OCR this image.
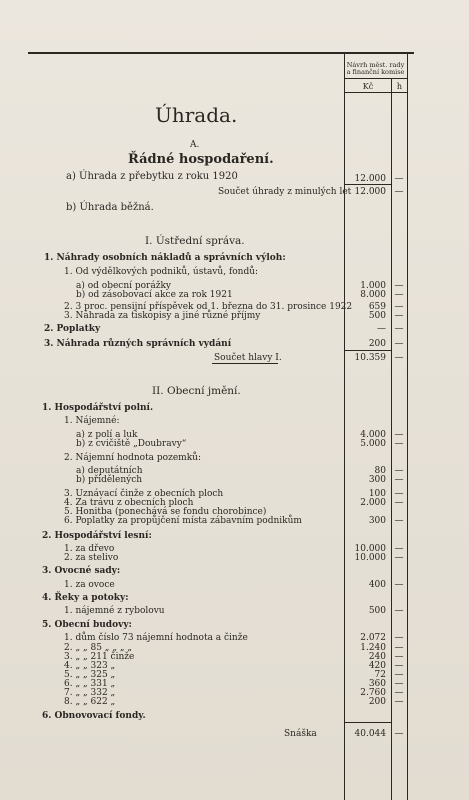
Návrh měst. rady
a finanční komise
Kč	h
Úhrada.
A.
Řádné hospodaření.
a) Úhrada z přebytku z roku 1920	12.000 —
Součet úhrady z minulých let 12.000 —
b) Úhrada běžná.
I. Ústřední správa.
1. Náhrady osobních nákladů a správních výloh:
1. Od výdělkových podniků, ústavů, fondů:
a) od obecní porážky	1.000 —
b) od zásobovací akce za rok 1921	8.000 —
2. 3 proc. pensijní příspěvek od 1. března do 31. prosince 1922	659 —
3. Náhrada za tiskopisy a jiné různé příjmy	500 —
2. Poplatky	— —
3. Náhrada různých správních vydání	200 —
Součet hlavy I.	10.359 —
II. Obecní jmění.
1. Hospodářství polní.
1. Nájemné:
a) z polí a luk	4.000 —
b) z cvičiště „Doubravy“	5.000 —
2. Nájemní hodnota pozemků:
a) deputátních	80 —
b) přidělených	300 —
3. Uznávací činže z obecních ploch	100 —
4. Za trávu z obecních ploch	2.000 —
5. Honitba (ponechává se fondu chorobince)
6. Poplatky za propůjčení místa zábavním podnikům	300 —
2. Hospodářství lesní:
1. za dřevo	10.000 —
2. za stelivo	10.000 —
3. Ovocné sady:
1. za ovoce	400 —
4. Řeky a potoky:
1. nájemné z rybolovu	500 —
5. Obecní budovy:
1. dům číslo 73 nájemní hodnota a činže	2.072 —
2. „ „ 85 „ „ „ „	1.240 —
3. „ „ 211 činže	240 —
4. „ „ 323 „	420 —
5. „ „ 325 „	72 —
6. „ „ 331 „	360 —
7. „ „ 332 „	2.760 —
8. „ „ 622 „	200 —
6. Obnovovací fondy.
Snáška	40.044 —
